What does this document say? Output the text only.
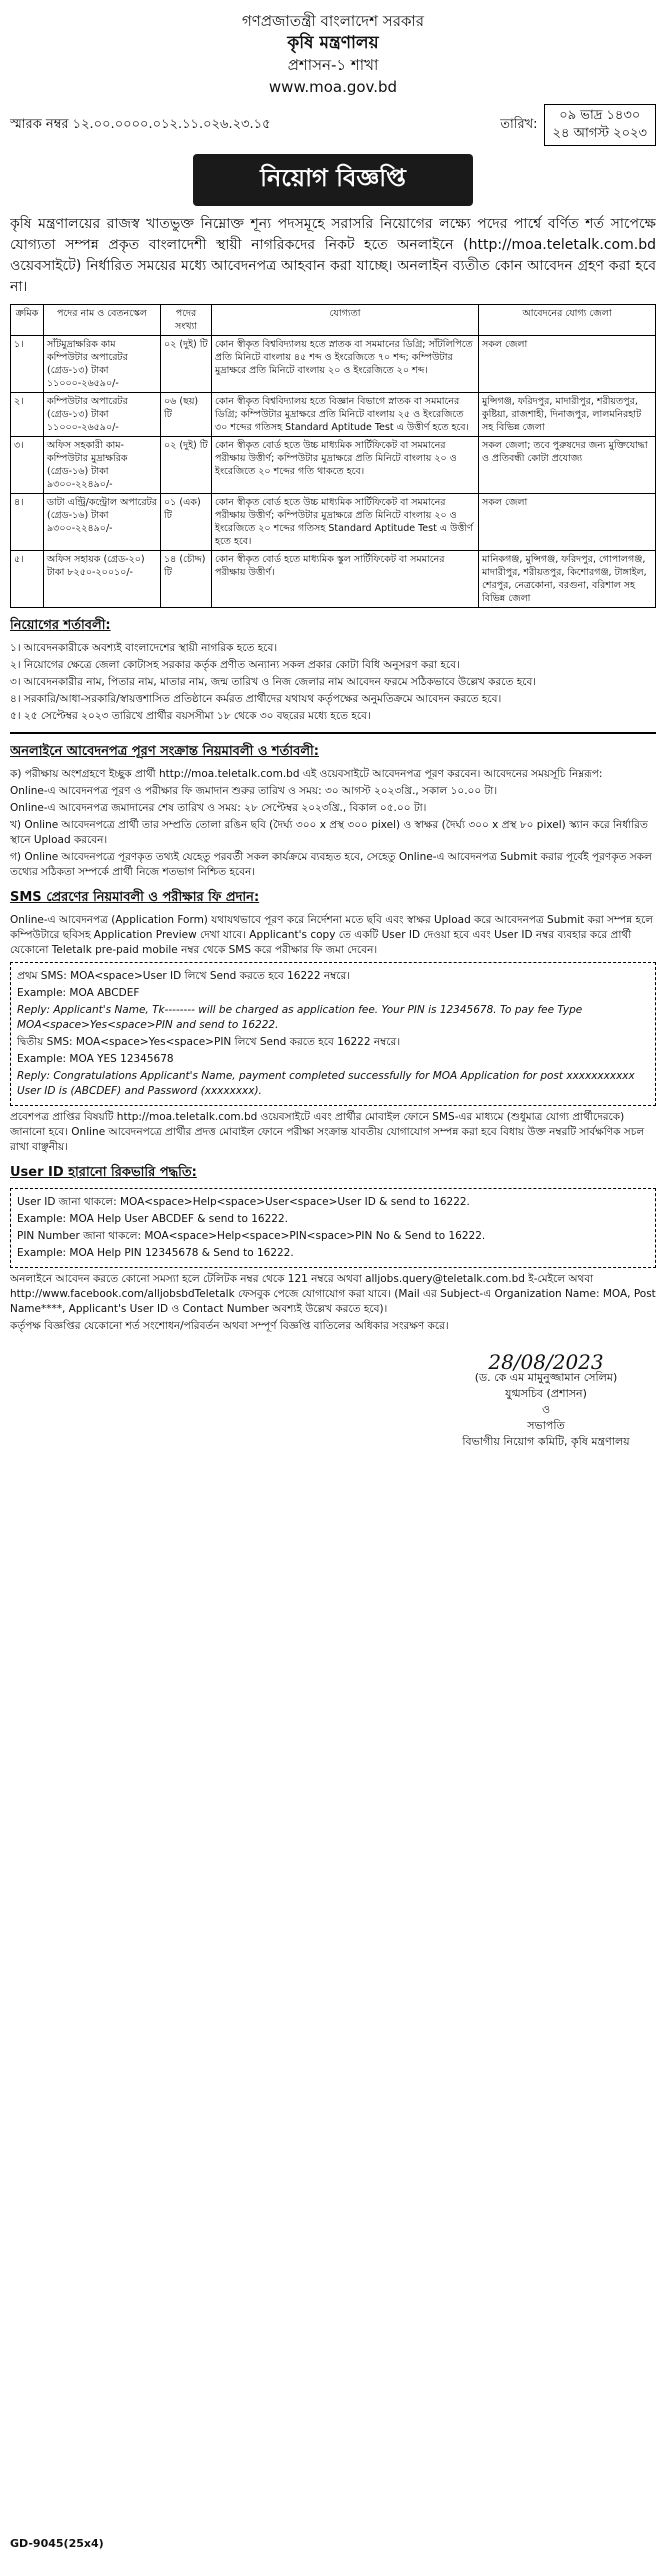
গণপ্রজাতন্ত্রী বাংলাদেশ সরকার
কৃষি মন্ত্রণালয়
প্রশাসন-১ শাখা
www.moa.gov.bd
স্মারক নম্বর ১২.০০.০০০০.০১২.১১.০২৬.২৩.১৫	তারিখ:
০৯ ভাদ্র ১৪৩০
২৪ আগস্ট ২০২৩
নিয়োগ বিজ্ঞপ্তি
কৃষি মন্ত্রণালয়ের রাজস্ব খাতভুক্ত নিম্নোক্ত শূন্য পদসমূহে সরাসরি নিয়োগের লক্ষ্যে পদের পার্শ্বে বর্ণিত শর্ত সাপেক্ষে যোগ্যতা সম্পন্ন প্রকৃত বাংলাদেশী স্থায়ী নাগরিকদের নিকট হতে অনলাইনে (http://moa.teletalk.com.bd ওয়েবসাইটে) নির্ধারিত সময়ের মধ্যে আবেদনপত্র আহবান করা যাচ্ছে। অনলাইন ব্যতীত কোন আবেদন গ্রহণ করা হবে না।
ক্রমিক	পদের নাম ও বেতনস্কেল	পদের সংখ্যা	যোগ্যতা	আবেদনের যোগ্য জেলা
১।	সাঁটমুদ্রাক্ষরিক কাম কম্পিউটার অপারেটর (গ্রেড-১৩) টাকা ১১০০০-২৬৫৯০/-	০২ (দুই) টি	কোন স্বীকৃত বিশ্ববিদ্যালয় হতে স্নাতক বা সমমানের ডিগ্রি; সাঁটলিপিতে প্রতি মিনিটে বাংলায় ৪৫ শব্দ ও ইংরেজিতে ৭০ শব্দ; কম্পিউটার মুদ্রাক্ষরে প্রতি মিনিটে বাংলায় ২০ ও ইংরেজিতে ২০ শব্দ।	সকল জেলা
২।	কম্পিউটার অপারেটর (গ্রেড-১৩) টাকা ১১০০০-২৬৫৯০/-	০৬ (ছয়) টি	কোন স্বীকৃত বিশ্ববিদ্যালয় হতে বিজ্ঞান বিভাগে স্নাতক বা সমমানের ডিগ্রি; কম্পিউটার মুদ্রাক্ষরে প্রতি মিনিটে বাংলায় ২৫ ও ইংরেজিতে ৩০ শব্দের গতিসহ Standard Aptitude Test এ উত্তীর্ণ হতে হবে।	মুন্সিগঞ্জ, ফরিদপুর, মাদারীপুর, শরীয়তপুর, কুষ্টিয়া, রাজশাহী, দিনাজপুর, লালমনিরহাট সহ বিভিন্ন জেলা
৩।	অফিস সহকারী কাম-কম্পিউটার মুদ্রাক্ষরিক (গ্রেড-১৬) টাকা ৯৩০০-২২৪৯০/-	০২ (দুই) টি	কোন স্বীকৃত বোর্ড হতে উচ্চ মাধ্যমিক সার্টিফিকেট বা সমমানের পরীক্ষায় উত্তীর্ণ; কম্পিউটার মুদ্রাক্ষরে প্রতি মিনিটে বাংলায় ২০ ও ইংরেজিতে ২০ শব্দের গতি থাকতে হবে।	সকল জেলা; তবে পুরুষদের জন্য মুক্তিযোদ্ধা ও প্রতিবন্ধী কোটা প্রযোজ্য
৪।	ডাটা এন্ট্রি/কন্ট্রোল অপারেটর (গ্রেড-১৬) টাকা ৯৩০০-২২৪৯০/-	০১ (এক) টি	কোন স্বীকৃত বোর্ড হতে উচ্চ মাধ্যমিক সার্টিফিকেট বা সমমানের পরীক্ষায় উত্তীর্ণ; কম্পিউটার মুদ্রাক্ষরে প্রতি মিনিটে বাংলায় ২০ ও ইংরেজিতে ২০ শব্দের গতিসহ Standard Aptitude Test এ উত্তীর্ণ হতে হবে।	সকল জেলা
৫।	অফিস সহায়ক (গ্রেড-২০) টাকা ৮২৫০-২০০১০/-	১৪ (চৌদ্দ) টি	কোন স্বীকৃত বোর্ড হতে মাধ্যমিক স্কুল সার্টিফিকেট বা সমমানের পরীক্ষায় উত্তীর্ণ।	মানিকগঞ্জ, মুন্সিগঞ্জ, ফরিদপুর, গোপালগঞ্জ, মাদারীপুর, শরীয়তপুর, কিশোরগঞ্জ, টাঙ্গাইল, শেরপুর, নেত্রকোনা, বরগুনা, বরিশাল সহ বিভিন্ন জেলা
নিয়োগের শর্তাবলী:

১। আবেদনকারীকে অবশ্যই বাংলাদেশের স্থায়ী নাগরিক হতে হবে।

২। নিয়োগের ক্ষেত্রে জেলা কোটাসহ সরকার কর্তৃক প্রণীত অন্যান্য সকল প্রকার কোটা বিধি অনুসরণ করা হবে।

৩। আবেদনকারীর নাম, পিতার নাম, মাতার নাম, জন্ম তারিখ ও নিজ জেলার নাম আবেদন ফরমে সঠিকভাবে উল্লেখ করতে হবে।

৪। সরকারি/আধা-সরকারি/স্বায়ত্তশাসিত প্রতিষ্ঠানে কর্মরত প্রার্থীদের যথাযথ কর্তৃপক্ষের অনুমতিক্রমে আবেদন করতে হবে।

৫। ২৫ সেপ্টেম্বর ২০২৩ তারিখে প্রার্থীর বয়সসীমা ১৮ থেকে ৩০ বছরের মধ্যে হতে হবে।

অনলাইনে আবেদনপত্র পূরণ সংক্রান্ত নিয়মাবলী ও শর্তাবলী:

ক) পরীক্ষায় অংশগ্রহণে ইচ্ছুক প্রার্থী http://moa.teletalk.com.bd এই ওয়েবসাইটে আবেদনপত্র পূরণ করবেন। আবেদনের সময়সূচি নিম্নরূপ:

Online-এ আবেদনপত্র পূরণ ও পরীক্ষার ফি জমাদান শুরুর তারিখ ও সময়: ৩০ আগস্ট ২০২৩খ্রি., সকাল ১০.০০ টা।

Online-এ আবেদনপত্র জমাদানের শেষ তারিখ ও সময়: ২৮ সেপ্টেম্বর ২০২৩খ্রি., বিকাল ০৫.০০ টা।

খ) Online আবেদনপত্রে প্রার্থী তার সম্প্রতি তোলা রঙিন ছবি (দৈর্ঘ্য ৩০০ x প্রস্থ ৩০০ pixel) ও স্বাক্ষর (দৈর্ঘ্য ৩০০ x প্রস্থ ৮০ pixel) স্ক্যান করে নির্ধারিত স্থানে Upload করবেন।

গ) Online আবেদনপত্রে পূরণকৃত তথ্যই যেহেতু পরবর্তী সকল কার্যক্রমে ব্যবহৃত হবে, সেহেতু Online-এ আবেদনপত্র Submit করার পূর্বেই পূরণকৃত সকল তথ্যের সঠিকতা সম্পর্কে প্রার্থী নিজে শতভাগ নিশ্চিত হবেন।

SMS প্রেরণের নিয়মাবলী ও পরীক্ষার ফি প্রদান:

Online-এ আবেদনপত্র (Application Form) যথাযথভাবে পূরণ করে নির্দেশনা মতে ছবি এবং স্বাক্ষর Upload করে আবেদনপত্র Submit করা সম্পন্ন হলে কম্পিউটারে ছবিসহ Application Preview দেখা যাবে। Applicant's copy তে একটি User ID দেওয়া হবে এবং User ID নম্বর ব্যবহার করে প্রার্থী যেকোনো Teletalk pre-paid mobile নম্বর থেকে SMS করে পরীক্ষার ফি জমা দেবেন।

প্রথম SMS: MOA<space>User ID লিখে Send করতে হবে 16222 নম্বরে।

Example: MOA ABCDEF

Reply: Applicant's Name, Tk-------- will be charged as application fee. Your PIN is 12345678. To pay fee Type MOA<space>Yes<space>PIN and send to 16222.

দ্বিতীয় SMS: MOA<space>Yes<space>PIN লিখে Send করতে হবে 16222 নম্বরে।

Example: MOA YES 12345678

Reply: Congratulations Applicant's Name, payment completed successfully for MOA Application for post xxxxxxxxxxx User ID is (ABCDEF) and Password (xxxxxxxx).

প্রবেশপত্র প্রাপ্তির বিষয়টি http://moa.teletalk.com.bd ওয়েবসাইটে এবং প্রার্থীর মোবাইল ফোনে SMS-এর মাধ্যমে (শুধুমাত্র যোগ্য প্রার্থীদেরকে) জানানো হবে। Online আবেদনপত্রে প্রার্থীর প্রদত্ত মোবাইল ফোনে পরীক্ষা সংক্রান্ত যাবতীয় যোগাযোগ সম্পন্ন করা হবে বিধায় উক্ত নম্বরটি সার্বক্ষণিক সচল রাখা বাঞ্ছনীয়।

User ID হারানো রিকভারি পদ্ধতি:

User ID জানা থাকলে: MOA<space>Help<space>User<space>User ID & send to 16222.

Example: MOA Help User ABCDEF & send to 16222.

PIN Number জানা থাকলে: MOA<space>Help<space>PIN<space>PIN No & Send to 16222.

Example: MOA Help PIN 12345678 & Send to 16222.

অনলাইনে আবেদন করতে কোনো সমস্যা হলে টেলিটক নম্বর থেকে 121 নম্বরে অথবা alljobs.query@teletalk.com.bd ই-মেইলে অথবা http://www.facebook.com/alljobsbdTeletalk ফেসবুক পেজে যোগাযোগ করা যাবে। (Mail এর Subject-এ Organization Name: MOA, Post Name****, Applicant's User ID ও Contact Number অবশ্যই উল্লেখ করতে হবে)।

কর্তৃপক্ষ বিজ্ঞপ্তির যেকোনো শর্ত সংশোধন/পরিবর্তন অথবা সম্পূর্ণ বিজ্ঞপ্তি বাতিলের অধিকার সংরক্ষণ করে।

28/08/2023
(ড. কে এম মামুনুজ্জামান সেলিম)
যুগ্মসচিব (প্রশাসন)
ও
সভাপতি
বিভাগীয় নিয়োগ কমিটি, কৃষি মন্ত্রণালয়
GD-9045(25x4)
